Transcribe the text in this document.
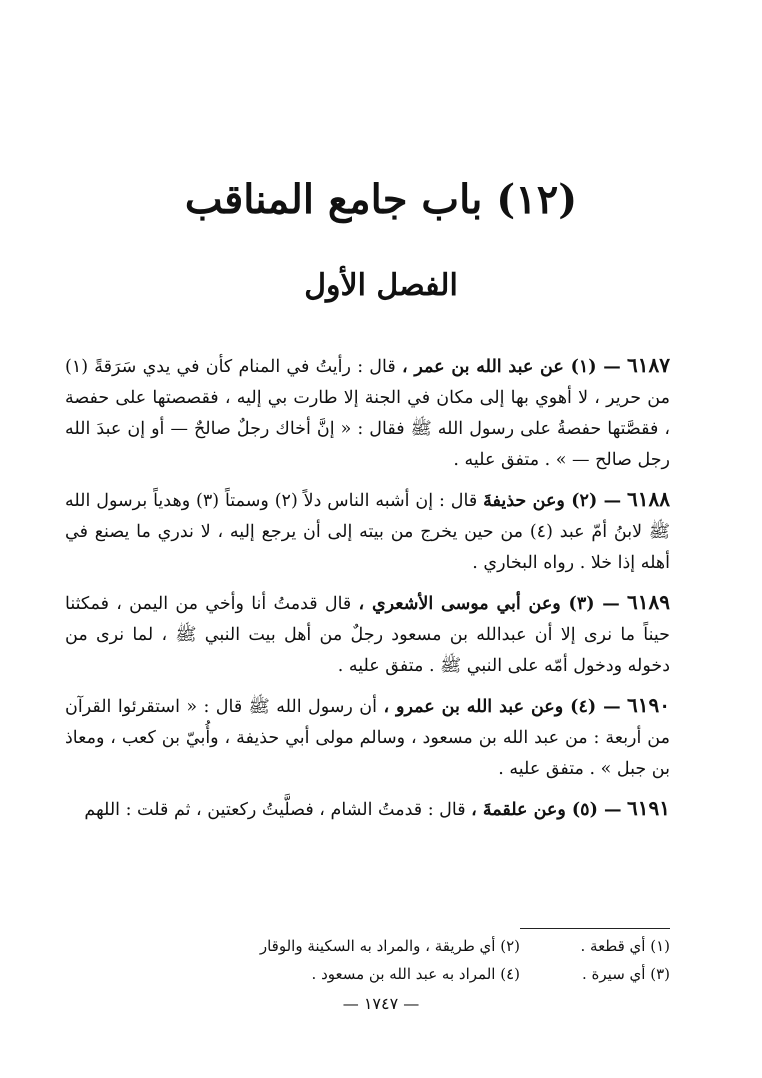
(١٢) باب جامع المناقب
الفصل الأول

٦١٨٧ — (١) عن عبد الله بن عمر ، قال : رأيتُ في المنام كأن في يدي سَرَقةً (١) من حرير ، لا أهوي بها إلى مكان في الجنة إلا طارت بي إليه ، فقصصتها على حفصة ، فقصَّتها حفصةُ على رسول الله ﷺ فقال : « إنَّ أخاك رجلٌ صالحٌ — أو إن عبدَ الله رجل صالح — » . متفق عليه .

٦١٨٨ — (٢) وعن حذيفةَ قال : إن أشبه الناس دلاً (٢) وسمتاً (٣) وهدياً برسول الله ﷺ لابنُ أمّ عبد (٤) من حين يخرج من بيته إلى أن يرجع إليه ، لا ندري ما يصنع في أهله إذا خلا . رواه البخاري .

٦١٨٩ — (٣) وعن أبي موسى الأشعري ، قال قدمتُ أنا وأخي من اليمن ، فمكثنا حيناً ما نرى إلا أن عبدالله بن مسعود رجلٌ من أهل بيت النبي ﷺ ، لما نرى من دخوله ودخول أمّه على النبي ﷺ . متفق عليه .

٦١٩٠ — (٤) وعن عبد الله بن عمرو ، أن رسول الله ﷺ قال : « استقرئوا القرآن من أربعة : من عبد الله بن مسعود ، وسالم مولى أبي حذيفة ، وأُبيّ بن كعب ، ومعاذ بن جبل » . متفق عليه .

٦١٩١ — (٥) وعن علقمةَ ، قال : قدمتُ الشام ، فصلَّيتُ ركعتين ، ثم قلت : اللهم

(١) أي قطعة .
(٢) أي طريقة ، والمراد به السكينة والوقار
(٣) أي سيرة .
(٤) المراد به عبد الله بن مسعود .
— ١٧٤٧ —
